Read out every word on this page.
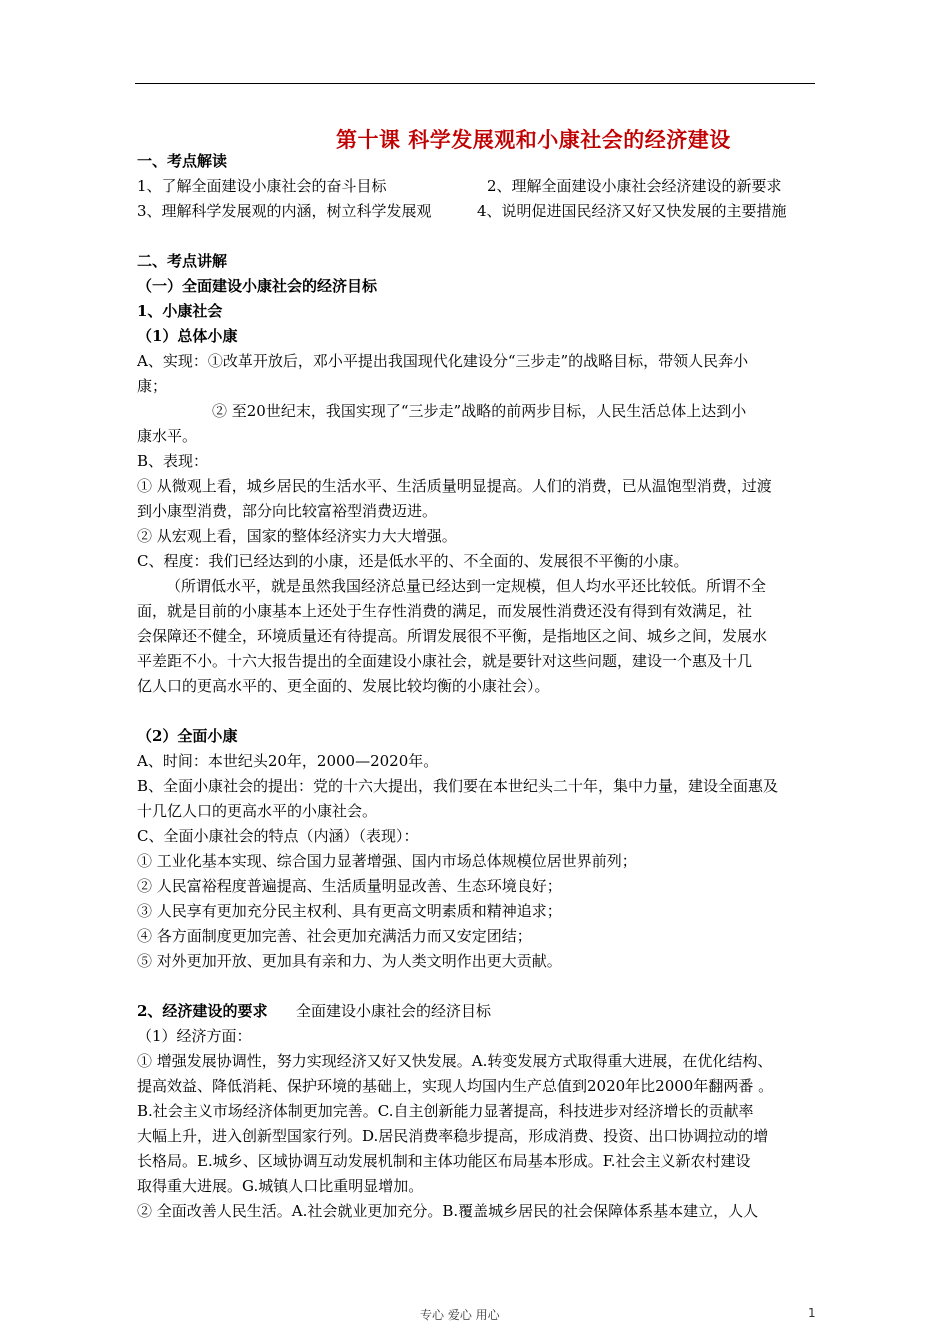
第十课 科学发展观和小康社会的经济建设
一、考点解读
1、了解全面建设小康社会的奋斗目标	2、理解全面建设小康社会经济建设的新要求
3、理解科学发展观的内涵，树立科学发展观	4、说明促进国民经济又好又快发展的主要措施
二、考点讲解
（一）全面建设小康社会的经济目标
1、小康社会
（1）总体小康
A、实现：①改革开放后，邓小平提出我国现代化建设分“三步走”的战略目标，带领人民奔小
康；
② 至20世纪末，我国实现了“三步走”战略的前两步目标，人民生活总体上达到小
康水平。
B、表现：
① 从微观上看，城乡居民的生活水平、生活质量明显提高。人们的消费，已从温饱型消费，过渡
到小康型消费，部分向比较富裕型消费迈进。
② 从宏观上看，国家的整体经济实力大大增强。
C、程度：我们已经达到的小康，还是低水平的、不全面的、发展很不平衡的小康。
（所谓低水平，就是虽然我国经济总量已经达到一定规模，但人均水平还比较低。所谓不全
面，就是目前的小康基本上还处于生存性消费的满足，而发展性消费还没有得到有效满足，社
会保障还不健全，环境质量还有待提高。所谓发展很不平衡，是指地区之间、城乡之间，发展水
平差距不小。十六大报告提出的全面建设小康社会，就是要针对这些问题，建设一个惠及十几
亿人口的更高水平的、更全面的、发展比较均衡的小康社会）。
（2）全面小康
A、时间：本世纪头20年，2000—2020年。
B、全面小康社会的提出：党的十六大提出，我们要在本世纪头二十年，集中力量，建设全面惠及
十几亿人口的更高水平的小康社会。
C、全面小康社会的特点（内涵）（表现）：
① 工业化基本实现、综合国力显著增强、国内市场总体规模位居世界前列；
② 人民富裕程度普遍提高、生活质量明显改善、生态环境良好；
③ 人民享有更加充分民主权利、具有更高文明素质和精神追求；
④ 各方面制度更加完善、社会更加充满活力而又安定团结；
⑤ 对外更加开放、更加具有亲和力、为人类文明作出更大贡献。
2、经济建设的要求 全面建设小康社会的经济目标
（1）经济方面：
① 增强发展协调性，努力实现经济又好又快发展。A.转变发展方式取得重大进展，在优化结构、
提高效益、降低消耗、保护环境的基础上，实现人均国内生产总值到2020年比2000年翻两番 。
B.社会主义市场经济体制更加完善。C.自主创新能力显著提高，科技进步对经济增长的贡献率
大幅上升，进入创新型国家行列。D.居民消费率稳步提高，形成消费、投资、出口协调拉动的增
长格局。E.城乡、区域协调互动发展机制和主体功能区布局基本形成。F.社会主义新农村建设
取得重大进展。G.城镇人口比重明显增加。
② 全面改善人民生活。A.社会就业更加充分。B.覆盖城乡居民的社会保障体系基本建立，人人
专心 爱心 用心	1
